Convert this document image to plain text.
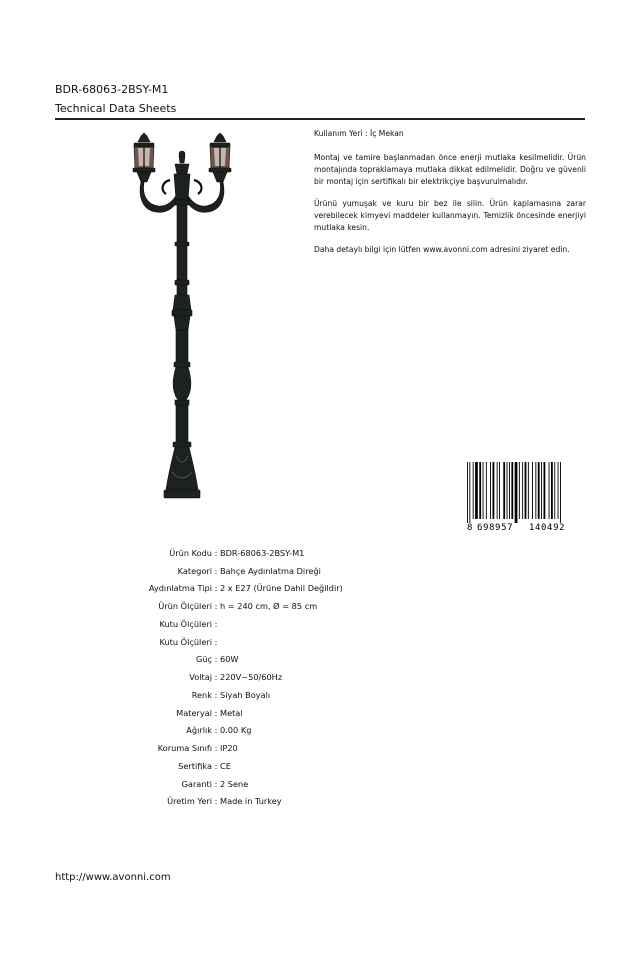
BDR-68063-2BSY-M1
Technical Data Sheets

Kullanım Yeri : İç Mekan

Montaj ve tamire başlanmadan önce enerji mutlaka kesilmelidir. Ürün montajında topraklamaya mutlaka dikkat edilmelidir. Doğru ve güvenli bir montaj için sertifikalı bir elektrikçiye başvurulmalıdır.

Ürünü yumuşak ve kuru bir bez ile silin. Ürün kaplamasına zarar verebilecek kimyevi maddeler kullanmayın. Temizlik öncesinde enerjiyi mutlaka kesin.

Daha detaylı bilgi için lütfen www.avonni.com adresini ziyaret edin.

8 698957 140492
Ürün Kodu : BDR-68063-2BSY-M1
Kategori : Bahçe Aydınlatma Direği
Aydınlatma Tipi : 2 x E27 (Ürüne Dahil Değildir)
Ürün Ölçüleri : h = 240 cm, Ø = 85 cm
Kutu Ölçüleri :
Kutu Ölçüleri :
Güç : 60W
Voltaj : 220V~50/60Hz
Renk : Siyah Boyalı
Materyal : Metal
Ağırlık : 0.00 Kg
Koruma Sınıfı : IP20
Sertifika : CE
Garanti : 2 Sene
Üretim Yeri : Made in Turkey
http://www.avonni.com
